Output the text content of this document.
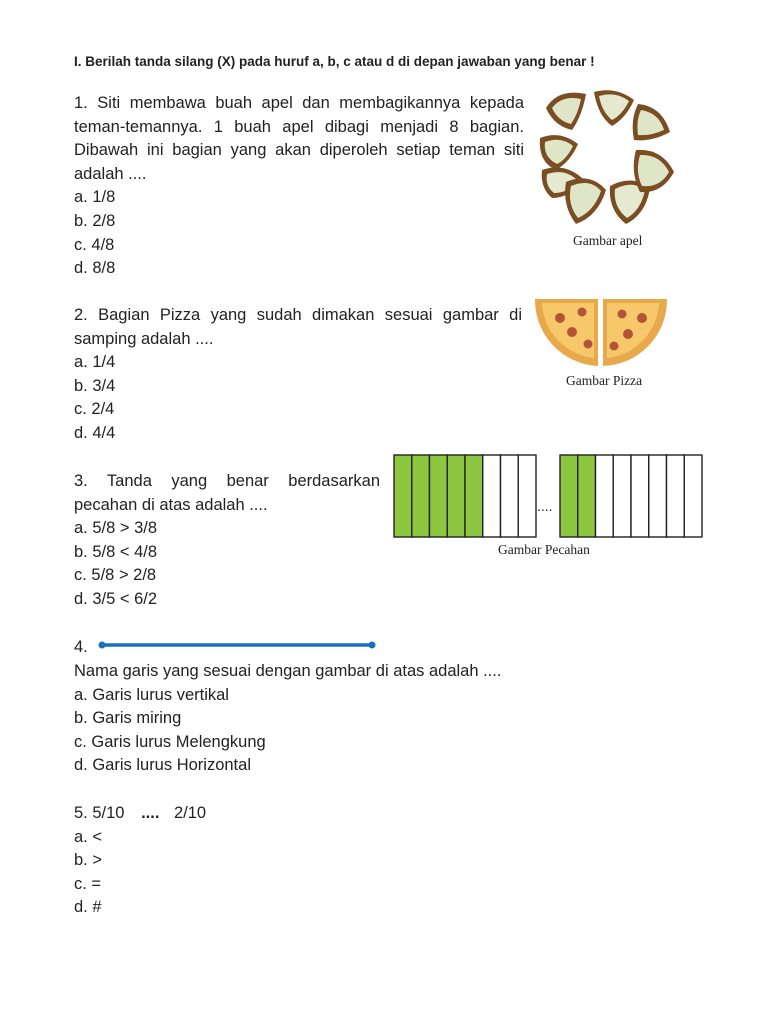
I. Berilah tanda silang (X) pada huruf a, b, c atau d di depan jawaban yang benar !
1. Siti membawa buah apel dan membagikannya kepada
teman-temannya. 1 buah apel dibagi menjadi 8 bagian.
Dibawah ini bagian yang akan diperoleh setiap teman siti
adalah ....
a. 1/8
b. 2/8
c. 4/8
d. 8/8
Gambar apel
2. Bagian Pizza yang sudah dimakan sesuai gambar di
samping adalah ....
a. 1/4
b. 3/4
c. 2/4
d. 4/4
Gambar Pizza
3. Tanda yang benar berdasarkan
pecahan di atas adalah ....
a. 5/8 > 3/8
b. 5/8 < 4/8
c. 5/8 > 2/8
d. 3/5 < 6/2
....
Gambar Pecahan
4.
Nama garis yang sesuai dengan gambar di atas adalah ....
a. Garis lurus vertikal
b. Garis miring
c. Garis lurus Melengkung
d. Garis lurus Horizontal
5. 5/10 .... 2/10
a. <
b. >
c. =
d. #
